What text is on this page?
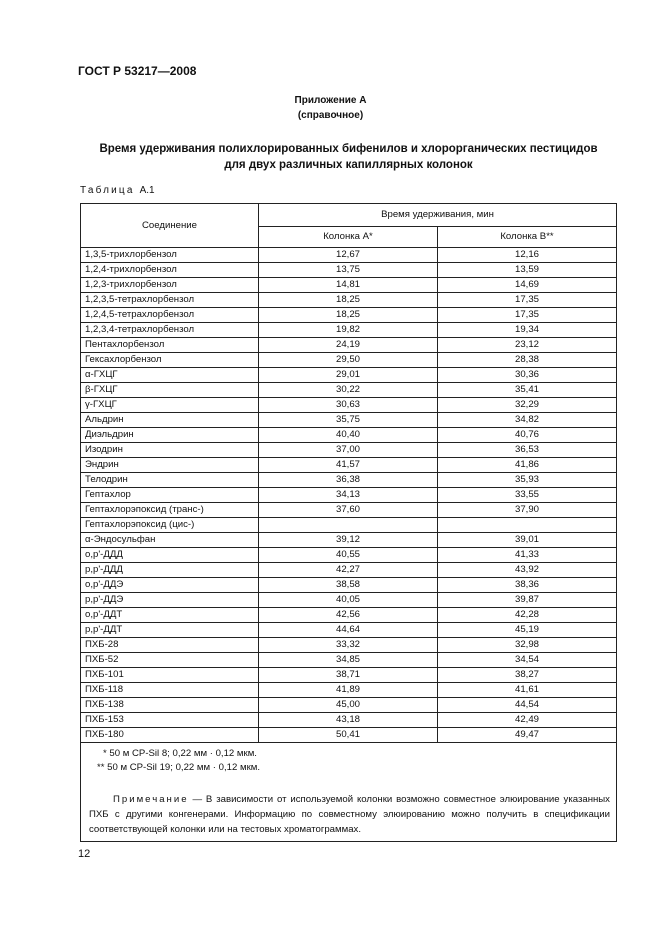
ГОСТ Р 53217—2008
Приложение А
(справочное)
Время удерживания полихлорированных бифенилов и хлорорганических пестицидов
для двух различных капиллярных колонок
Таблица А.1
Соединение	Время удерживания, мин	
	Колонка А*	Колонка В**
1,3,5-трихлорбензол	12,67	12,16
1,2,4-трихлорбензол	13,75	13,59
1,2,3-трихлорбензол	14,81	14,69
1,2,3,5-тетрахлорбензол	18,25	17,35
1,2,4,5-тетрахлорбензол	18,25	17,35
1,2,3,4-тетрахлорбензол	19,82	19,34
Пентахлорбензол	24,19	23,12
Гексахлорбензол	29,50	28,38
α-ГХЦГ	29,01	30,36
β-ГХЦГ	30,22	35,41
γ-ГХЦГ	30,63	32,29
Альдрин	35,75	34,82
Диэльдрин	40,40	40,76
Изодрин	37,00	36,53
Эндрин	41,57	41,86
Телодрин	36,38	35,93
Гептахлор	34,13	33,55
Гептахлорэпоксид (транс-)	37,60	37,90
Гептахлорэпоксид (цис-)		
α-Эндосульфан	39,12	39,01
о,р'-ДДД	40,55	41,33
р,р'-ДДД	42,27	43,92
о,р'-ДДЭ	38,58	38,36
р,р'-ДДЭ	40,05	39,87
о,р'-ДДТ	42,56	42,28
р,р'-ДДТ	44,64	45,19
ПХБ-28	33,32	32,98
ПХБ-52	34,85	34,54
ПХБ-101	38,71	38,27
ПХБ-118	41,89	41,61
ПХБ-138	45,00	44,54
ПХБ-153	43,18	42,49
ПХБ-180	50,41	49,47

* 50 м CP-Sil 8; 0,22 мм · 0,12 мкм.
** 50 м CP-Sil 19; 0,22 мм · 0,12 мкм.
Примечание — В зависимости от используемой колонки возможно совместное элюирование указанных ПХБ с другими конгенерами. Информацию по совместному элюированию можно получить в спецификации соответствующей колонки или на тестовых хроматограммах.		
12
